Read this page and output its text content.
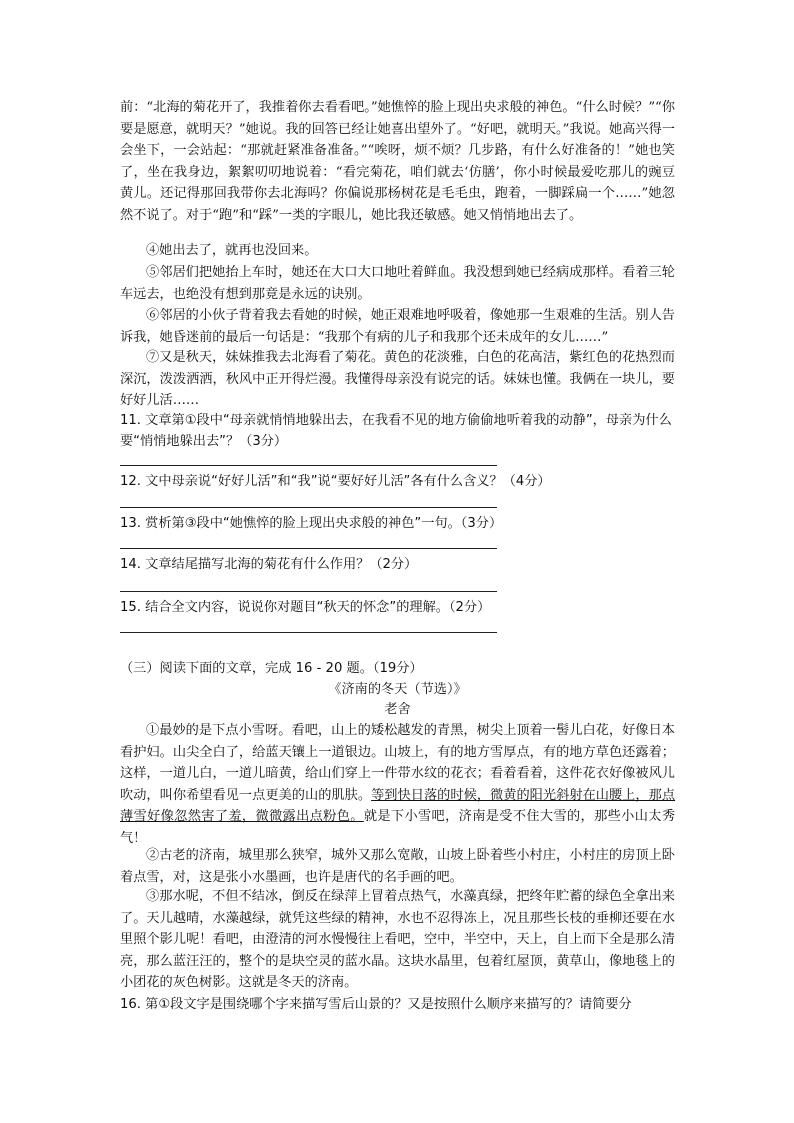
前：“北海的菊花开了，我推着你去看看吧。”她憔悴的脸上现出央求般的神色。“什么时候？”“你要是愿意，就明天？”她说。我的回答已经让她喜出望外了。“好吧，就明天。”我说。她高兴得一会坐下，一会站起：“那就赶紧准备准备。”“唉呀，烦不烦？几步路，有什么好准备的！”她也笑了，坐在我身边，絮絮叨叨地说着：“看完菊花，咱们就去‘仿膳’，你小时候最爱吃那儿的豌豆黄儿。还记得那回我带你去北海吗？你偏说那杨树花是毛毛虫，跑着，一脚踩扁一个……”她忽然不说了。对于“跑”和“踩”一类的字眼儿，她比我还敏感。她又悄悄地出去了。

④她出去了，就再也没回来。

⑤邻居们把她抬上车时，她还在大口大口地吐着鲜血。我没想到她已经病成那样。看着三轮车远去，也绝没有想到那竟是永远的诀别。

⑥邻居的小伙子背着我去看她的时候，她正艰难地呼吸着，像她那一生艰难的生活。别人告诉我，她昏迷前的最后一句话是：“我那个有病的儿子和我那个还未成年的女儿……”

⑦又是秋天，妹妹推我去北海看了菊花。黄色的花淡雅，白色的花高洁，紫红色的花热烈而深沉，泼泼洒洒，秋风中正开得烂漫。我懂得母亲没有说完的话。妹妹也懂。我俩在一块儿，要好好儿活……

11. 文章第①段中“母亲就悄悄地躲出去，在我看不见的地方偷偷地听着我的动静”，母亲为什么要“悄悄地躲出去”？（3分）

12. 文中母亲说“好好儿活”和“我”说“要好好儿活”各有什么含义？（4分）

13. 赏析第③段中“她憔悴的脸上现出央求般的神色”一句。（3分）

14. 文章结尾描写北海的菊花有什么作用？（2分）

15. 结合全文内容，说说你对题目“秋天的怀念”的理解。（2分）

（三）阅读下面的文章，完成 16 - 20 题。（19分）

《济南的冬天（节选）》

老舍

①最妙的是下点小雪呀。看吧，山上的矮松越发的青黑，树尖上顶着一髻儿白花，好像日本看护妇。山尖全白了，给蓝天镶上一道银边。山坡上，有的地方雪厚点，有的地方草色还露着；这样，一道儿白，一道儿暗黄，给山们穿上一件带水纹的花衣；看着看着，这件花衣好像被风儿吹动，叫你希望看见一点更美的山的肌肤。等到快日落的时候，微黄的阳光斜射在山腰上，那点薄雪好像忽然害了羞，微微露出点粉色。就是下小雪吧，济南是受不住大雪的，那些小山太秀气！

②古老的济南，城里那么狭窄，城外又那么宽敞，山坡上卧着些小村庄，小村庄的房顶上卧着点雪，对，这是张小水墨画，也许是唐代的名手画的吧。

③那水呢，不但不结冰，倒反在绿萍上冒着点热气，水藻真绿，把终年贮蓄的绿色全拿出来了。天儿越晴，水藻越绿，就凭这些绿的精神，水也不忍得冻上，况且那些长枝的垂柳还要在水里照个影儿呢！看吧，由澄清的河水慢慢往上看吧，空中，半空中，天上，自上而下全是那么清亮，那么蓝汪汪的，整个的是块空灵的蓝水晶。这块水晶里，包着红屋顶，黄草山，像地毯上的小团花的灰色树影。这就是冬天的济南。

16. 第①段文字是围绕哪个字来描写雪后山景的？又是按照什么顺序来描写的？请简要分
